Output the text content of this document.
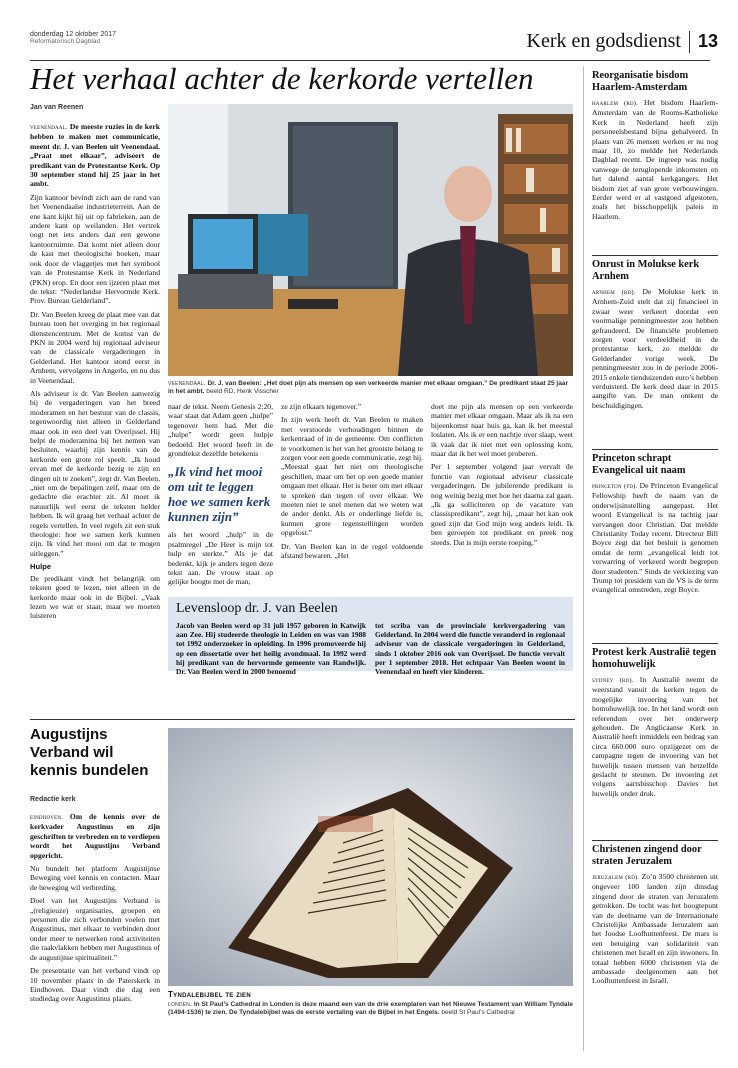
donderdag 12 oktober 2017
Reformatorisch Dagblad	Kerk en godsdienst 13
Het verhaal achter de kerkorde vertellen
Jan van Reenen

veenendaal. De meeste ruzies in de kerk hebben te maken met communicatie, meent dr. J. van Beelen uit Veenendaal. „Praat met elkaar”, adviseert de predikant van de Protestantse Kerk. Op 30 september stond hij 25 jaar in het ambt.

Zijn kantoor bevindt zich aan de rand van het Veenendaalse industrieterrein. Aan de ene kant kijkt hij uit op fabrieken, aan de andere kant op weilanden. Het vertrek oogt net iets anders dan een gewone kantoorruimte. Dat komt niet alleen door de kast met theologische boeken, maar ook door de vlaggetjes met het symbool van de Protestantse Kerk in Nederland (PKN) erop. En door een ijzeren plaat met de tekst: “Nederlandse Hervormde Kerk. Prov. Bureau Gelderland”.

Dr. Van Beelen kreeg de plaat mee van dat bureau toen het overging in het regionaal dienstencentrum. Met de komst van de PKN in 2004 werd hij regionaal adviseur van de classicale vergaderingen in Gelderland. Het kantoor stond eerst in Arnhem, vervolgens in Angerlo, en nu dus in Veenendaal.

Als adviseur is dr. Van Beelen aanwezig bij de vergaderingen van het breed moderamen en het bestuur van de classis, tegenwoordig niet alleen in Gelderland maar ook in een deel van Overijssel. Hij helpt de moderamina bij het nemen van besluiten, waarbij zijn kennis van de kerkorde een grote rol speelt. „Ik houd ervan met de kerkorde bezig te zijn en dingen uit te zoeken”, zegt dr. Van Beelen, „niet om de bepalingen zelf, maar om de gedachte die erachter zit. Al moet ik natuurlijk wel eerst de teksten helder hebben. Ik wil graag het verhaal achter de regels vertellen. In veel regels zit een stuk theologie: hoe we samen kerk kunnen zijn. Ik vind het mooi om dat te mogen uitleggen.”

Hulpe

De predikant vindt het belangrijk om teksten goed te lezen, niet alleen in de kerkorde maar ook in de Bijbel. „Vaak lezen we wat er staat, maar we moeten luisteren

veenendaal. Dr. J. van Beelen: „Het doet pijn als mensen op een verkeerde manier met elkaar omgaan.” De predikant staat 25 jaar in het ambt. beeld RD, Henk Visscher

naar de tekst. Neem Genesis 2:20, waar staat dat Adam geen „hulpe” tegenover hem had. Met die „hulpe” wordt geen hulpje bedoeld. Het woord heeft in de grondtekst dezelfde betekenis

„Ik vind het mooi om uit te leggen hoe we samen kerk kunnen zijn”

als het woord „hulp” in de psalmregel „De Heer is mijn tot hulp en sterkte.” Als je dat bedenkt, kijk je anders tegen deze tekst aan. De vrouw staat op gelijke hoogte met de man,

ze zijn elkaars tegenover.”

In zijn werk heeft dr. Van Beelen te maken met verstoorde verhoudingen binnen de kerkenraad of in de gemeente. Om conflicten te voorkomen is het van het grootste belang te zorgen voor een goede communicatie, zegt hij. „Meestal gaat het niet om theologische geschillen, maar om het op een goede manier omgaan met elkaar. Het is beter om met elkaar te spreken dan tegen of over elkaar. We moeten niet te snel menen dat we weten wat de ander denkt. Als er onderlinge liefde is, kunnen grote tegenstellingen worden opgelost.”

Dr. Van Beelen kan in de regel voldoende afstand bewaren. „Het

doet me pijn als mensen op een verkeerde manier met elkaar omgaan. Maar als ik na een bijeenkomst naar huis ga, kan ik het meestal loslaten. Als ik er een nachtje over slaap, weet ik vaak dat ik niet met een oplossing kom, maar dat ik het wel moet proberen.

Per 1 september volgend jaar vervalt de functie van regionaal adviseur classicale vergaderingen. De jubilerende predikant is nog weinig bezig met hoe het daarna zal gaan. „Ik ga solliciteren op de vacature van classispredikant”, zegt hij, „maar het kan ook goed zijn dat God mijn weg anders leidt. Ik ben geroepen tot predikant en preek nog steeds. Dat is mijn eerste roeping.”

Levensloop dr. J. van Beelen
Jacob van Beelen werd op 31 juli 1957 geboren in Katwijk aan Zee. Hij studeerde theologie in Leiden en was van 1988 tot 1992 onderzoeker in opleiding. In 1996 promoveerde hij op een dissertatie over het heilig avondmaal. In 1992 werd hij predikant van de hervormde gemeente van Randwijk. Dr. Van Beelen werd in 2000 benoemd
tot scriba van de provinciale kerkvergadering van Gelderland. In 2004 werd die functie veranderd in regionaal adviseur van de classicale vergaderingen in Gelderland, sinds 1 oktober 2016 ook van Overijssel. De functie vervalt per 1 september 2018. Het echtpaar Van Beelen woont in Veenendaal en heeft vier kinderen.
Augustijns Verband wil kennis bundelen
Redactie kerk

eindhoven. Om de kennis over de kerkvader Augustinus en zijn geschriften te verbreden en te verdiepen wordt het Augustijns Verband opgericht.

Nu bundelt het platform Augustijnse Beweging veel kennis en contacten. Maar de beweging wil verbreding.

Doel van het Augustijns Verband is „(religieuze) organisaties, groepen en personen die zich verbonden voelen met Augustinus, met elkaar te verbinden door onder meer te netwerken rond activiteiten die raakvlakken hebben met Augustinus of de augustijnse spiritualiteit.”

De presentatie van het verband vindt op 10 november plaats in de Paterskerk in Eindhoven. Daar vindt die dag een studiedag over Augustinus plaats.	Tyndalebijbel te zien
londen. In St Paul’s Cathedral in Londen is deze maand een van de drie exemplaren van het Nieuwe Testament van William Tyndale (1494-1536) te zien. De Tyndalebijbel was de eerste vertaling van de Bijbel in het Engels. beeld St Paul’s Cathedral
Reorganisatie bisdom Haarlem-Amsterdam
haarlem (rd). Het bisdom Haarlem-Amsterdam van de Rooms-Katholieke Kerk in Nederland heeft zijn personeelsbestand bijna gehalveerd. In plaats van 26 mensen werken er nu nog maar 10, zo meldde het Nederlands Dagblad recent. De ingreep was nodig vanwege de teruglopende inkomsten en het dalend aantal kerkgangers. Het bisdom ziet af van grote verbouwingen. Eerder werd er al vastgoed afgestoten, zoals het bisschoppelijk paleis in Haarlem.
Onrust in Molukse kerk Arnhem
arnhem (rd). De Molukse kerk in Arnhem-Zuid stelt dat zij financieel in zwaar weer verkeert doordat een voormalige penningmeester zou hebben gefraudeerd. De financiële problemen zorgen voor verdeeldheid in de protestantse kerk, zo meldde de Gelderlander vorige week. De penningmeester zou in de periode 2006-2015 enkele tienduizenden euro’s hebben verduisterd. De kerk deed daar in 2015 aangifte van. De man ontkent de beschuldigingen.
Princeton schrapt Evangelical uit naam
princeton (fd). De Princeton Evangelical Fellowship heeft de naam van de onderwijsinstelling aangepast. Het woord Evangelical is na tachtig jaar vervangen door Christian. Dat meldde Christianity Today recent. Directeur Bill Boyce zegt dat het besluit is genomen omdat de term „evangelical leidt tot verwarring of verkeerd wordt begrepen door studenten.” Sinds de verkiezing van Trump tot president van de VS is de term evangelical omstreden, zegt Boyce.
Protest kerk Australië tegen homohuwelijk
sydney (rd). In Australië neemt de weerstand vanuit de kerken tegen de mogelijke invoering van het homohuwelijk toe. In het land wordt een referendum over het onderwerp gehouden. De Anglicaanse Kerk in Australië heeft inmiddels een bedrag van circa 660.000 euro opzijgezet om de campagne tegen de invoering van het huwelijk tussen mensen van hetzelfde geslacht te steunen. De invoering zet volgens aartsbisschop Davies het huwelijk onder druk.
Christenen zingend door straten Jeruzalem
jeruzalem (rd). Zo’n 3500 christenen uit ongeveer 100 landen zijn dinsdag zingend door de straten van Jeruzalem getrokken. De tocht was het hoogtepunt van de deelname van de Internationale Christelijke Ambassade Jeruzalem aan het Joodse Loofhuttenfeest. De mars is een betuiging van solidariteit van christenen met Israël en zijn inwoners. In totaal hebben 6000 christenen via de ambassade deelgenomen aan het Loofhuttenfeest in Israël.
